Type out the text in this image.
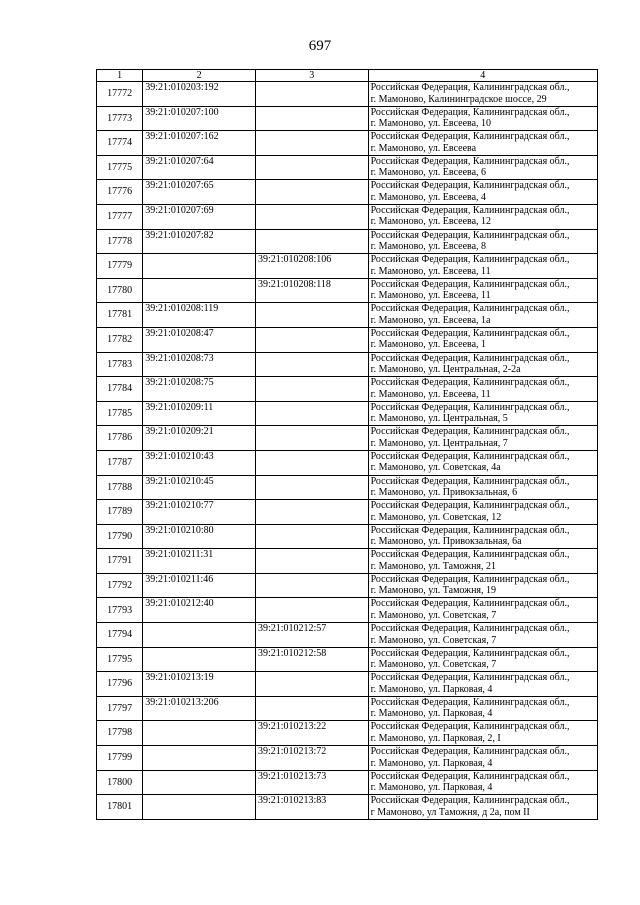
697
1	2	3	4
17772	39:21:010203:192		Российская Федерация, Калининградская обл.,
г. Мамоново, Калининградское шоссе, 29

17773	39:21:010207:100		Российская Федерация, Калининградская обл.,
г. Мамоново, ул. Евсеева, 10

17774	39:21:010207:162		Российская Федерация, Калининградская обл.,
г. Мамоново, ул. Евсеева

17775	39:21:010207:64		Российская Федерация, Калининградская обл.,
г. Мамоново, ул. Евсеева, 6

17776	39:21:010207:65		Российская Федерация, Калининградская обл.,
г. Мамоново, ул. Евсеева, 4

17777	39:21:010207:69		Российская Федерация, Калининградская обл.,
г. Мамоново, ул. Евсеева, 12

17778	39:21:010207:82		Российская Федерация, Калининградская обл.,
г. Мамоново, ул. Евсеева, 8

17779		39:21:010208:106	Российская Федерация, Калининградская обл.,
г. Мамоново, ул. Евсеева, 11

17780		39:21:010208:118	Российская Федерация, Калининградская обл.,
г. Мамоново, ул. Евсеева, 11

17781	39:21:010208:119		Российская Федерация, Калининградская обл.,
г. Мамоново, ул. Евсеева, 1а

17782	39:21:010208:47		Российская Федерация, Калининградская обл.,
г. Мамоново, ул. Евсеева, 1

17783	39:21:010208:73		Российская Федерация, Калининградская обл.,
г. Мамоново, ул. Центральная, 2-2а

17784	39:21:010208:75		Российская Федерация, Калининградская обл.,
г. Мамоново, ул. Евсеева, 11

17785	39:21:010209:11		Российская Федерация, Калининградская обл.,
г. Мамоново, ул. Центральная, 5

17786	39:21:010209:21		Российская Федерация, Калининградская обл.,
г. Мамоново, ул. Центральная, 7

17787	39:21:010210:43		Российская Федерация, Калининградская обл.,
г. Мамоново, ул. Советская, 4а

17788	39:21:010210:45		Российская Федерация, Калининградская обл.,
г. Мамоново, ул. Привокзальная, 6

17789	39:21:010210:77		Российская Федерация, Калининградская обл.,
г. Мамоново, ул. Советская, 12

17790	39:21:010210:80		Российская Федерация, Калининградская обл.,
г. Мамоново, ул. Привокзальная, 6а

17791	39:21:010211:31		Российская Федерация, Калининградская обл.,
г. Мамоново, ул. Таможня, 21

17792	39:21:010211:46		Российская Федерация, Калининградская обл.,
г. Мамоново, ул. Таможня, 19

17793	39:21:010212:40		Российская Федерация, Калининградская обл.,
г. Мамоново, ул. Советская, 7

17794		39:21:010212:57	Российская Федерация, Калининградская обл.,
г. Мамоново, ул. Советская, 7

17795		39:21:010212:58	Российская Федерация, Калининградская обл.,
г. Мамоново, ул. Советская, 7

17796	39:21:010213:19		Российская Федерация, Калининградская обл.,
г. Мамоново, ул. Парковая, 4

17797	39:21:010213:206		Российская Федерация, Калининградская обл.,
г. Мамоново, ул. Парковая, 4

17798		39:21:010213:22	Российская Федерация, Калининградская обл.,
г. Мамоново, ул. Парковая, 2, I

17799		39:21:010213:72	Российская Федерация, Калининградская обл.,
г. Мамоново, ул. Парковая, 4

17800		39:21:010213:73	Российская Федерация, Калининградская обл.,
г. Мамоново, ул. Парковая, 4

17801		39:21:010213:83	Российская Федерация, Калининградская обл.,
г Мамоново, ул Таможня, д 2а, пом II
